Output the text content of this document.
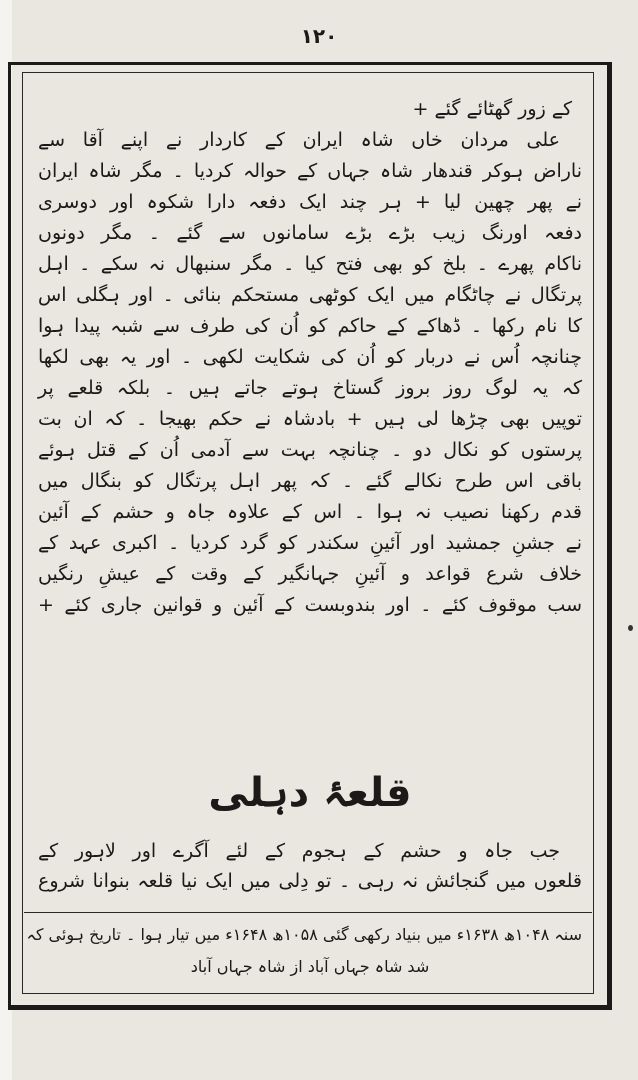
۱۲۰
کے زور گھٹائے گئے +
علی مردان خاں شاہ ایران کے کاردار نے اپنے آقا سے
ناراض ہوکر قندھار شاہ جہاں کے حوالہ کردیا ۔ مگر شاہ ایران
نے پھر چھین لیا + ہر چند ایک دفعہ دارا شکوہ اور دوسری
دفعہ اورنگ زیب بڑے بڑے سامانوں سے گئے ۔ مگر دونوں
ناکام پھرے ۔ بلخ کو بھی فتح کیا ۔ مگر سنبھال نہ سکے ۔ اہل
پرتگال نے چاٹگام میں ایک کوٹھی مستحکم بنائی ۔ اور ہگلی اس
کا نام رکھا ۔ ڈھاکے کے حاکم کو اُن کی طرف سے شبہ پیدا ہوا
چنانچہ اُس نے دربار کو اُن کی شکایت لکھی ۔ اور یہ بھی لکھا
کہ یہ لوگ روز بروز گستاخ ہوتے جاتے ہیں ۔ بلکہ قلعے پر
توپیں بھی چڑھا لی ہیں + بادشاہ نے حکم بھیجا ۔ کہ ان بت
پرستوں کو نکال دو ۔ چنانچہ بہت سے آدمی اُن کے قتل ہوئے
باقی اس طرح نکالے گئے ۔ کہ پھر اہل پرتگال کو بنگال میں
قدم رکھنا نصیب نہ ہوا ۔ اس کے علاوہ جاہ و حشم کے آئین
نے جشنِ جمشید اور آئینِ سکندر کو گرد کردیا ۔ اکبری عہد کے
خلاف شرع قواعد و آئینِ جہانگیر کے وقت کے عیشِ رنگیں
سب موقوف کئے ۔ اور بندوبست کے آئین و قوانین جاری کئے +
قلعۂ دہلی
جب جاہ و حشم کے ہجوم کے لئے آگرے اور لاہور کے
قلعوں میں گنجائش نہ رہی ۔ تو دِلی میں ایک نیا قلعہ بنوانا شروع
سنہ ۱۰۴۸ھ ۱۶۳۸ء میں بنیاد رکھی گئی ۱۰۵۸ھ ۱۶۴۸ء میں تیار ہوا ۔ تاریخ ہوئی کہ
شد شاہ جہاں آباد از شاہ جہاں آباد
